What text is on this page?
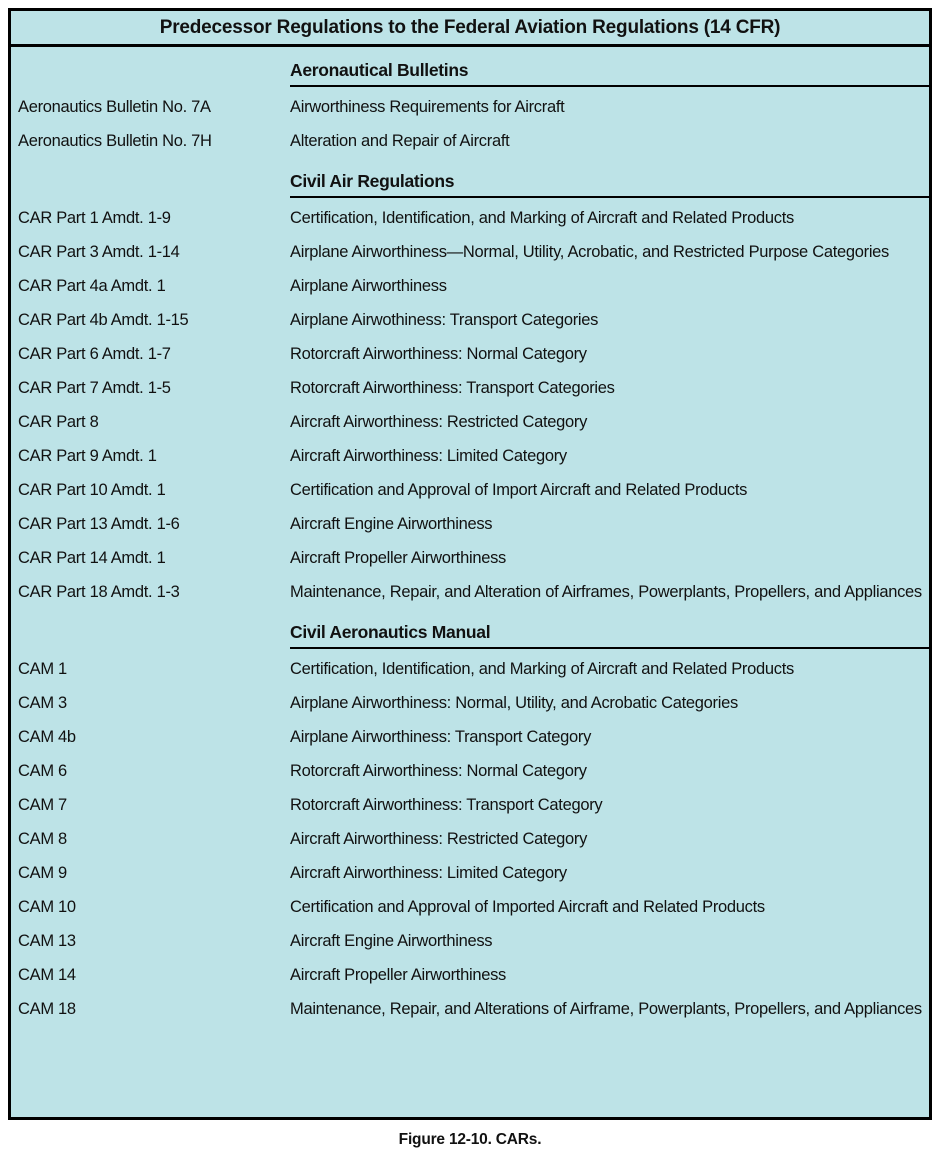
Predecessor Regulations to the Federal Aviation Regulations (14 CFR)
Aeronautical Bulletins
Aeronautics Bulletin No. 7A	Airworthiness Requirements for Aircraft
Aeronautics Bulletin No. 7H	Alteration and Repair of Aircraft
Civil Air Regulations
CAR Part 1 Amdt. 1-9	Certification, Identification, and Marking of Aircraft and Related Products
CAR Part 3 Amdt. 1-14	Airplane Airworthiness—Normal, Utility, Acrobatic, and Restricted Purpose Categories
CAR Part 4a Amdt. 1	Airplane Airworthiness
CAR Part 4b Amdt. 1-15	Airplane Airwothiness: Transport Categories
CAR Part 6 Amdt. 1-7	Rotorcraft Airworthiness: Normal Category
CAR Part 7 Amdt. 1-5	Rotorcraft Airworthiness: Transport Categories
CAR Part 8	Aircraft Airworthiness: Restricted Category
CAR Part 9 Amdt. 1	Aircraft Airworthiness: Limited Category
CAR Part 10 Amdt. 1	Certification and Approval of Import Aircraft and Related Products
CAR Part 13 Amdt. 1-6	Aircraft Engine Airworthiness
CAR Part 14 Amdt. 1	Aircraft Propeller Airworthiness
CAR Part 18 Amdt. 1-3	Maintenance, Repair, and Alteration of Airframes, Powerplants, Propellers, and Appliances
Civil Aeronautics Manual
CAM 1	Certification, Identification, and Marking of Aircraft and Related Products
CAM 3	Airplane Airworthiness: Normal, Utility, and Acrobatic Categories
CAM 4b	Airplane Airworthiness: Transport Category
CAM 6	Rotorcraft Airworthiness: Normal Category
CAM 7	Rotorcraft Airworthiness: Transport Category
CAM 8	Aircraft Airworthiness: Restricted Category
CAM 9	Aircraft Airworthiness: Limited Category
CAM 10	Certification and Approval of Imported Aircraft and Related Products
CAM 13	Aircraft Engine Airworthiness
CAM 14	Aircraft Propeller Airworthiness
CAM 18	Maintenance, Repair, and Alterations of Airframe, Powerplants, Propellers, and Appliances
Figure 12-10. CARs.
